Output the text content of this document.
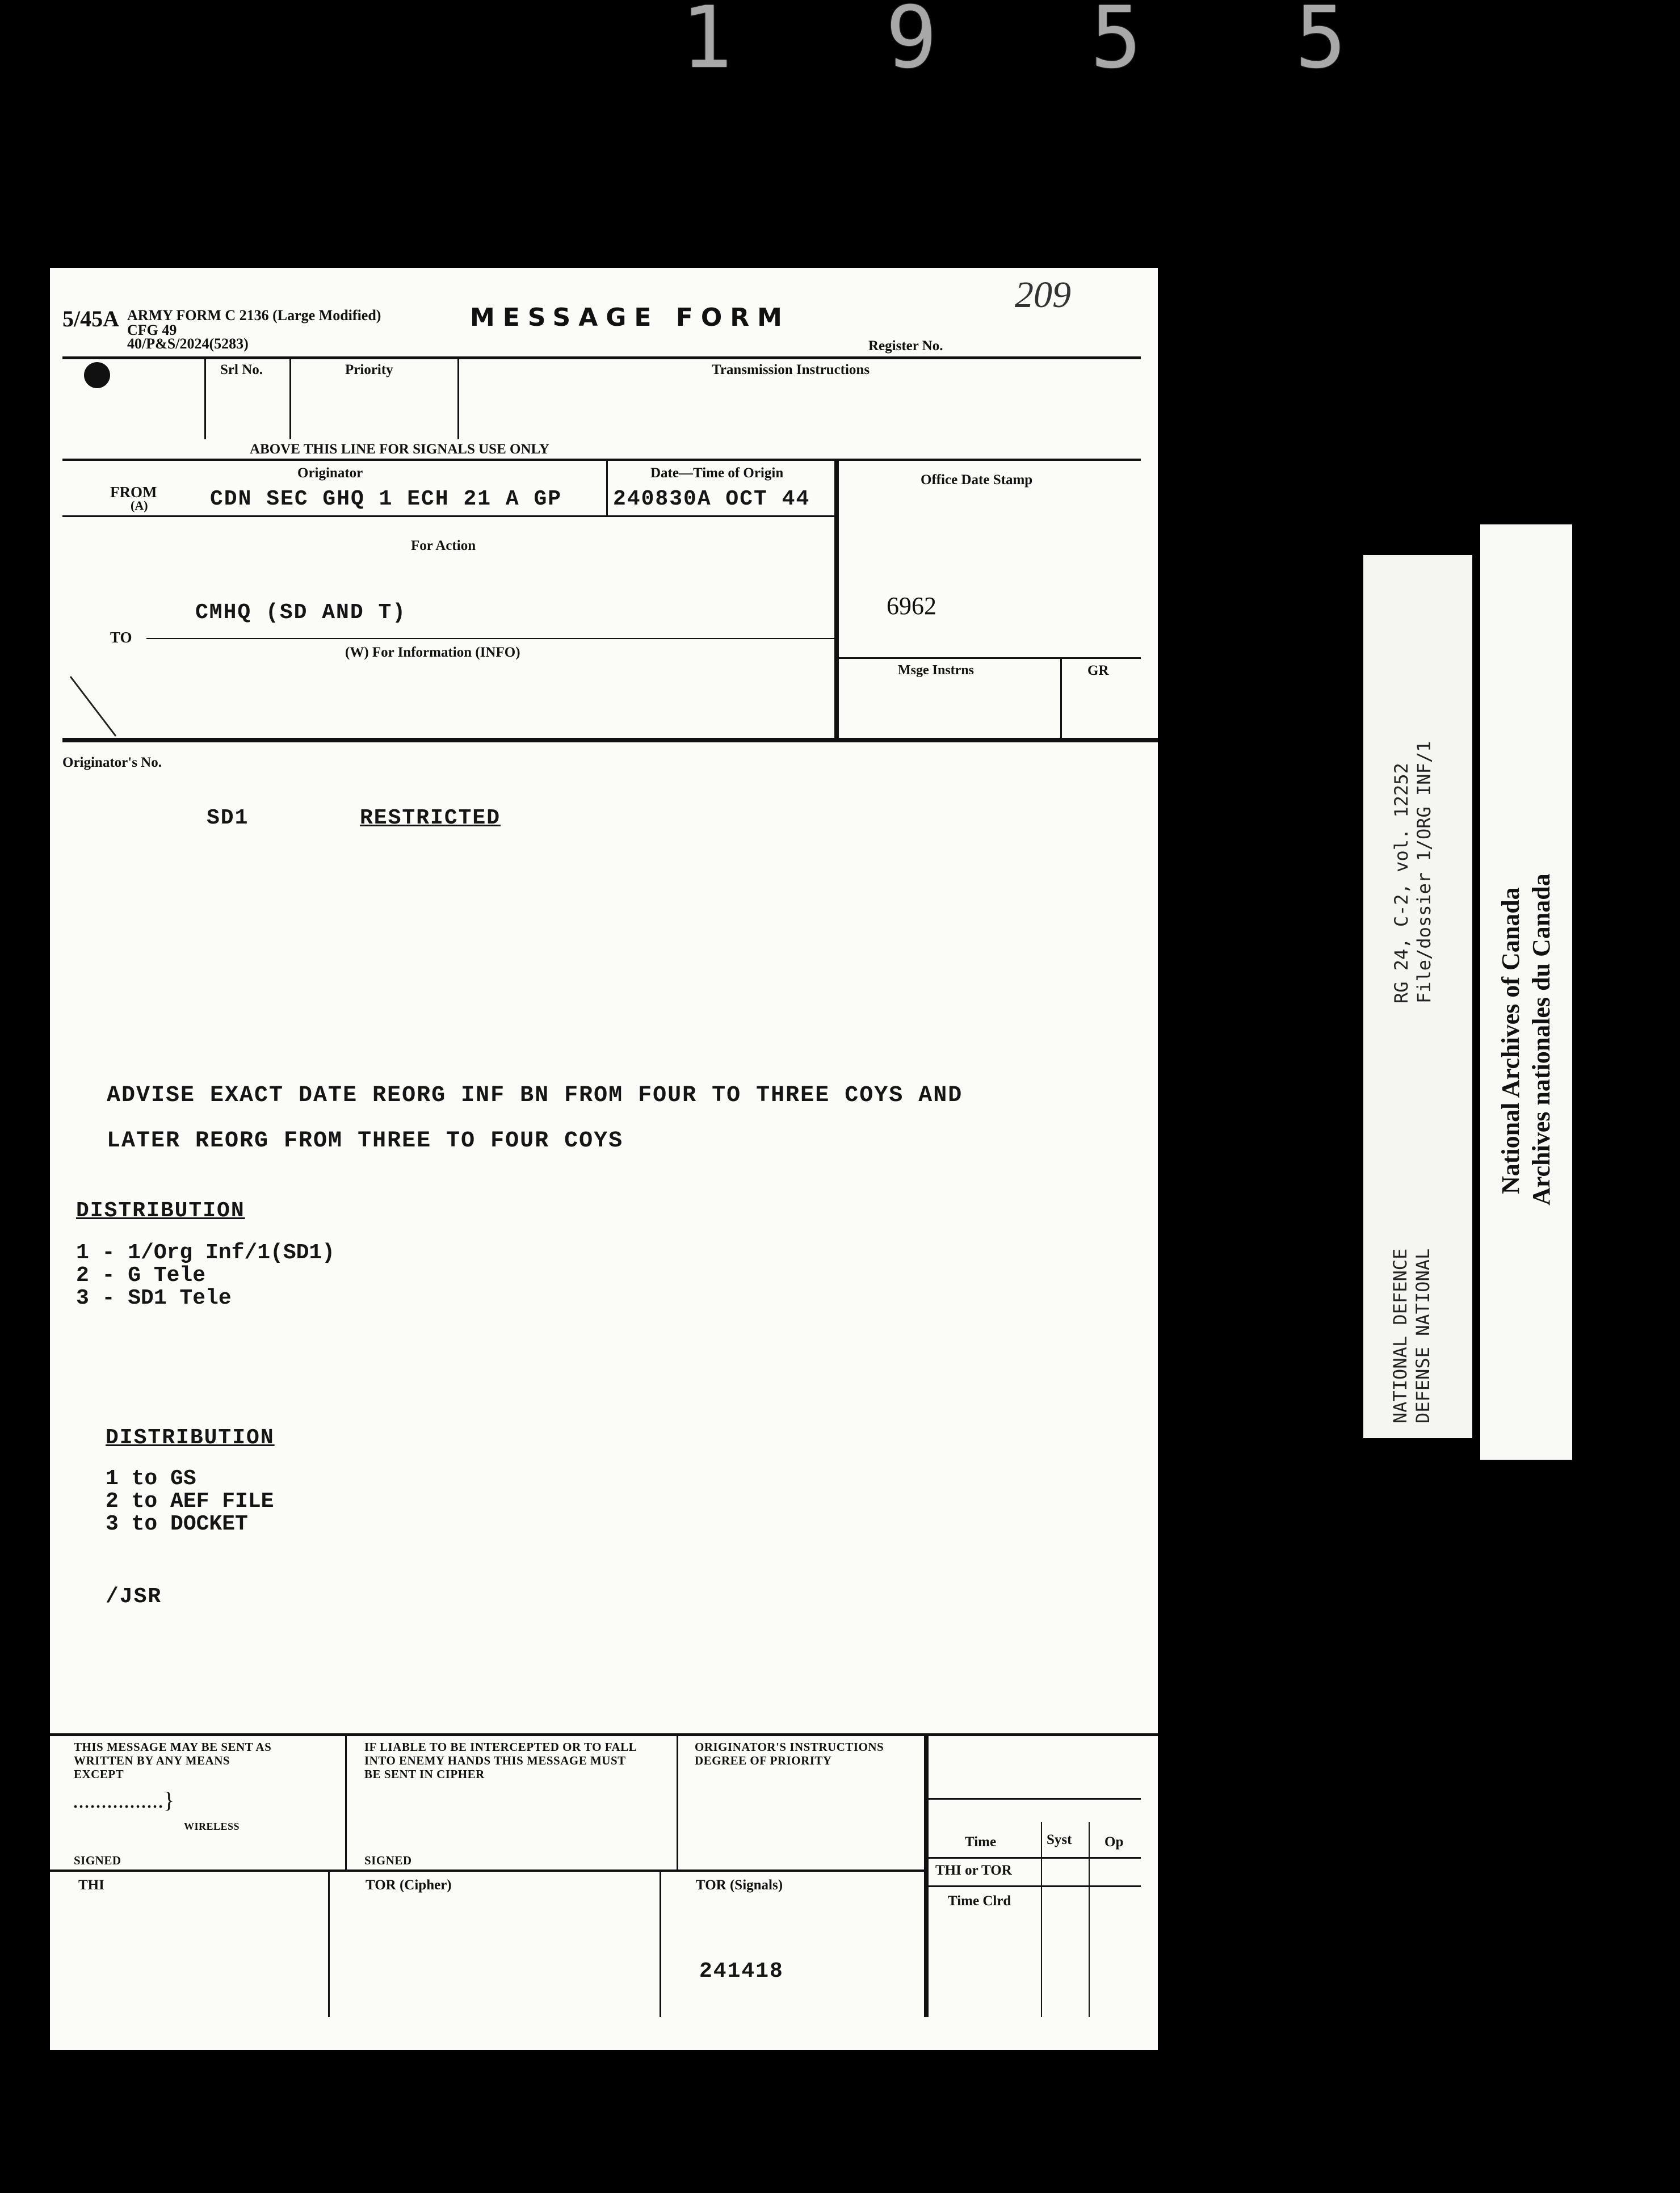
1 9 5 5
5/45A ARMY FORM C 2136 (Large Modified)
CFG 49
40/P&S/2024(5283)
MESSAGE FORM
209
Register No.
Srl No.	Priority	Transmission Instructions
ABOVE THIS LINE FOR SIGNALS USE ONLY
FROM
(A)
Originator
CDN SEC GHQ 1 ECH 21 A GP
Date—Time of Origin
240830A OCT 44
Office Date Stamp
6962
For Action
CMHQ (SD AND T)
TO
(W) For Information (INFO)
Msge Instrns	GR
Originator's No.
SD1	RESTRICTED
ADVISE EXACT DATE REORG INF BN FROM FOUR TO THREE COYS AND
LATER REORG FROM THREE TO FOUR COYS
DISTRIBUTION
1 - 1/Org Inf/1(SD1)
2 - G Tele
3 - SD1 Tele
DISTRIBUTION
1 to GS
2 to AEF FILE
3 to DOCKET
/JSR
THIS MESSAGE MAY BE SENT AS
WRITTEN BY ANY MEANS
EXCEPT
................}
WIRELESS
SIGNED
IF LIABLE TO BE INTERCEPTED OR TO FALL
INTO ENEMY HANDS THIS MESSAGE MUST
BE SENT IN CIPHER
SIGNED
ORIGINATOR'S INSTRUCTIONS
DEGREE OF PRIORITY
Time	Syst Op
THI or TOR
Time Clrd
THI	TOR (Cipher)	TOR (Signals)
241418
RG 24, C-2, vol. 12252 File/dossier 1/ORG INF/1
NATIONAL DEFENCE DEFENSE NATIONAL
National Archives of Canada Archives nationales du Canada
